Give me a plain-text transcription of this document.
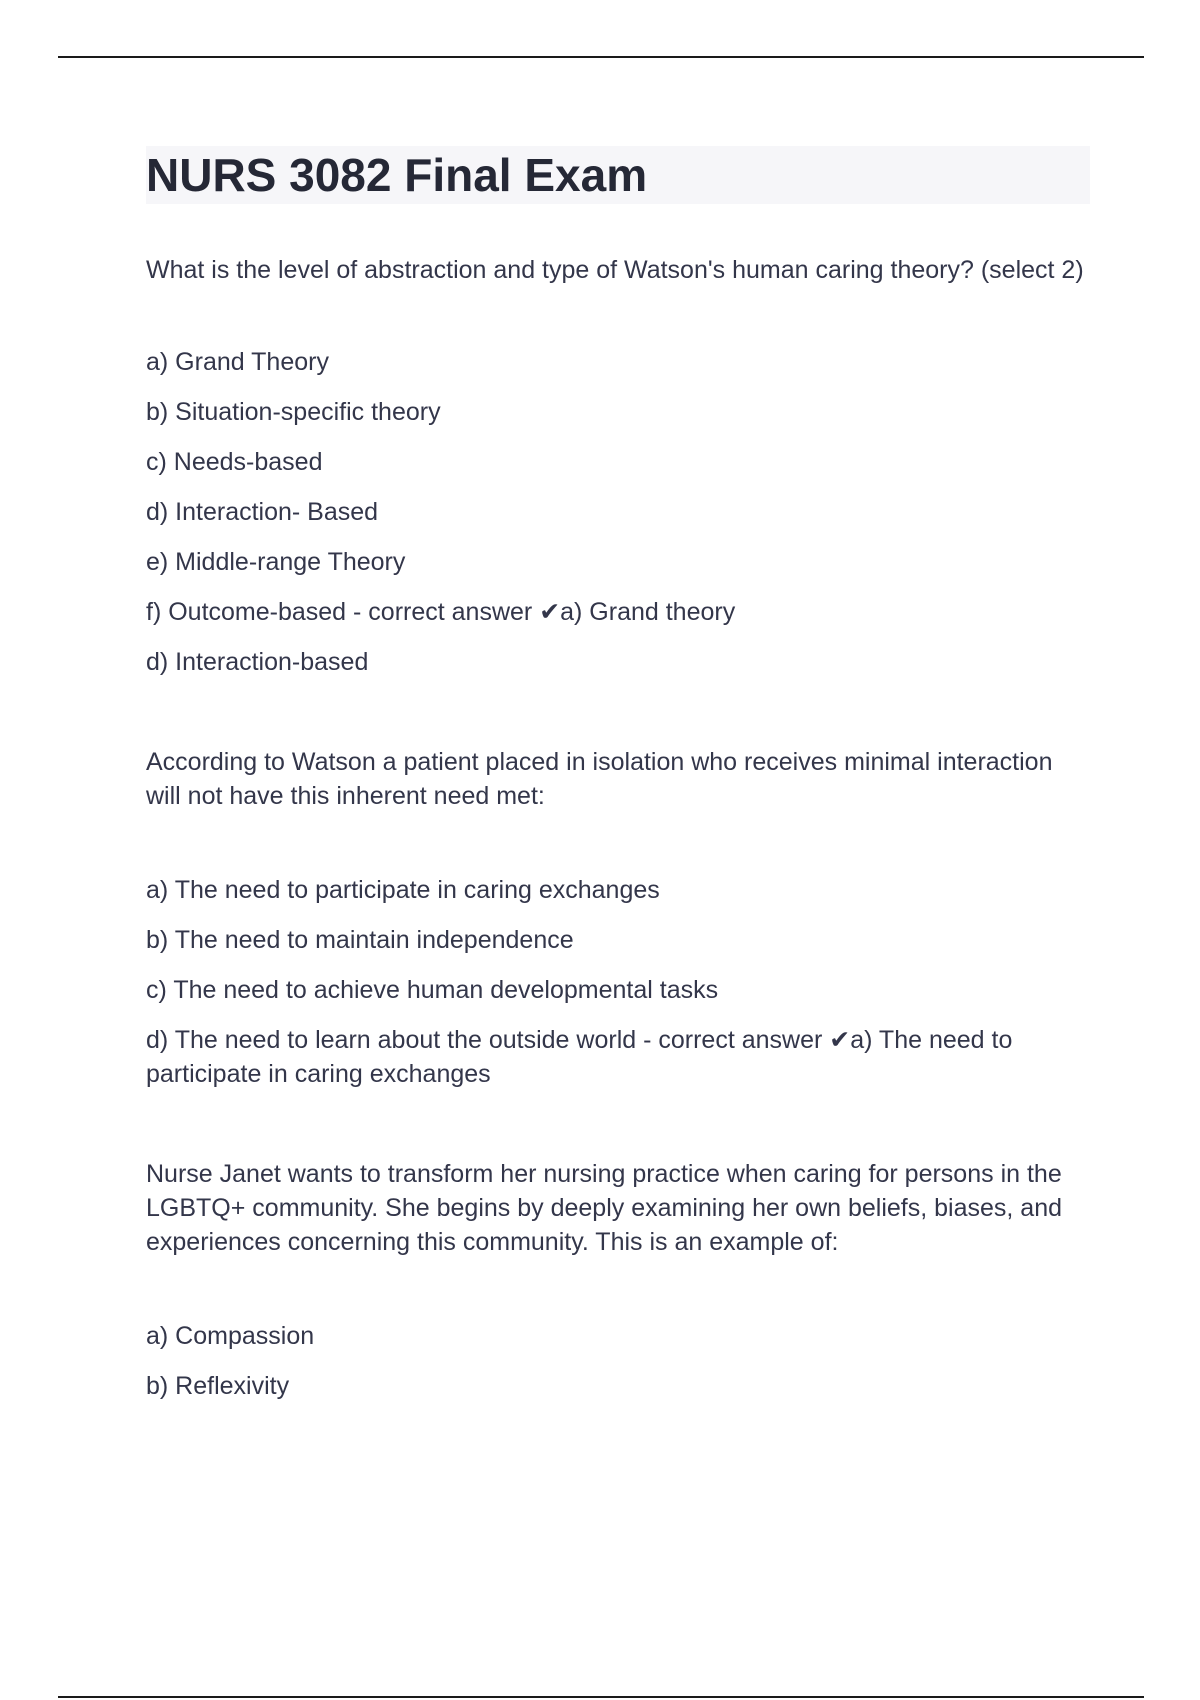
NURS 3082 Final Exam

What is the level of abstraction and type of Watson's human caring theory? (select 2)

a) Grand Theory

b) Situation-specific theory

c) Needs-based

d) Interaction- Based

e) Middle-range Theory

f) Outcome-based - correct answer ✔a) Grand theory

d) Interaction-based

According to Watson a patient placed in isolation who receives minimal interaction will not have this inherent need met:

a) The need to participate in caring exchanges

b) The need to maintain independence

c) The need to achieve human developmental tasks

d) The need to learn about the outside world - correct answer ✔a) The need to participate in caring exchanges

Nurse Janet wants to transform her nursing practice when caring for persons in the LGBTQ+ community. She begins by deeply examining her own beliefs, biases, and experiences concerning this community. This is an example of:

a) Compassion

b) Reflexivity
